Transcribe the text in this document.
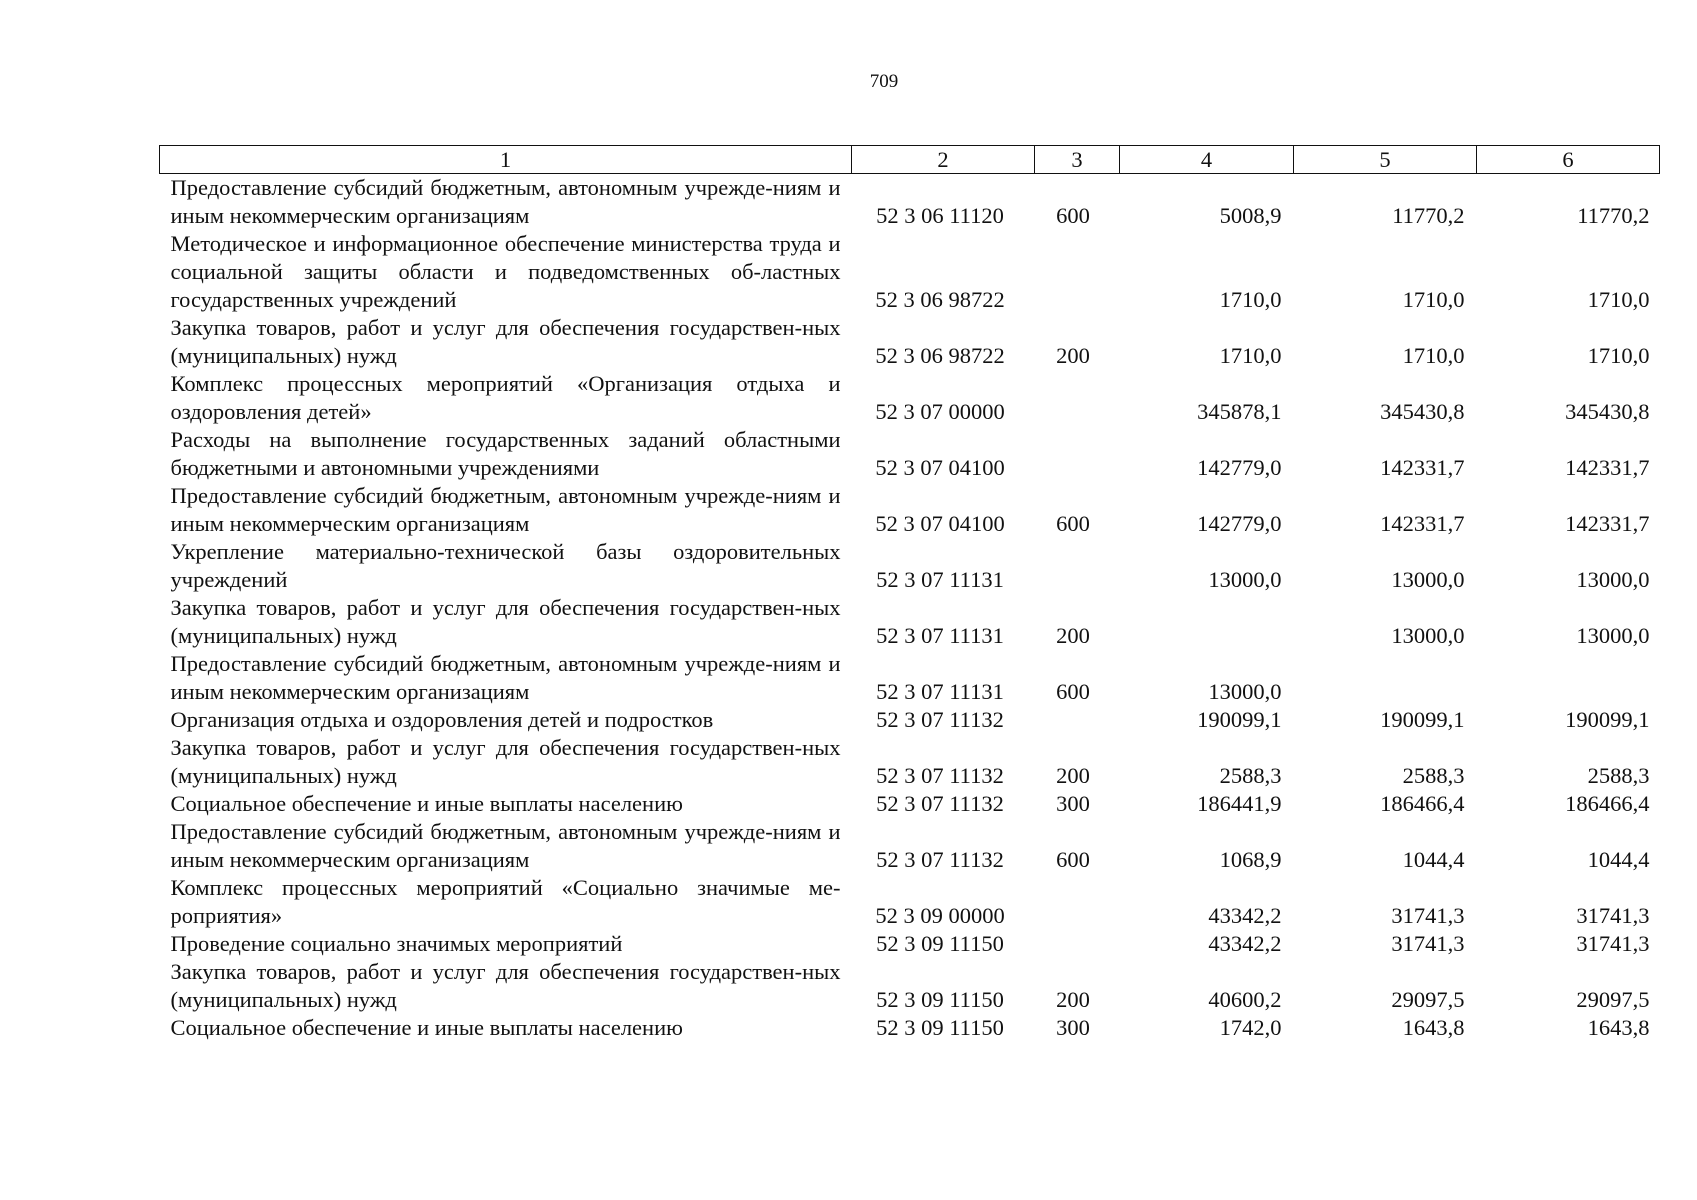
709
1	2	3	4	5	6
Предоставление субсидий бюджетным, автономным учрежде-ниям и иным некоммерческим организациям	52 3 06 11120	600	5008,9	11770,2	11770,2
Методическое и информационное обеспечение министерства труда и социальной защиты области и подведомственных об-ластных государственных учреждений	52 3 06 98722		1710,0	1710,0	1710,0
Закупка товаров, работ и услуг для обеспечения государствен-ных (муниципальных) нужд	52 3 06 98722	200	1710,0	1710,0	1710,0
Комплекс процессных мероприятий «Организация отдыха и оздоровления детей»	52 3 07 00000		345878,1	345430,8	345430,8
Расходы на выполнение государственных заданий областными бюджетными и автономными учреждениями	52 3 07 04100		142779,0	142331,7	142331,7
Предоставление субсидий бюджетным, автономным учрежде-ниям и иным некоммерческим организациям	52 3 07 04100	600	142779,0	142331,7	142331,7
Укрепление материально-технической базы оздоровительных учреждений	52 3 07 11131		13000,0	13000,0	13000,0
Закупка товаров, работ и услуг для обеспечения государствен-ных (муниципальных) нужд	52 3 07 11131	200		13000,0	13000,0
Предоставление субсидий бюджетным, автономным учрежде-ниям и иным некоммерческим организациям	52 3 07 11131	600	13000,0		
Организация отдыха и оздоровления детей и подростков	52 3 07 11132		190099,1	190099,1	190099,1
Закупка товаров, работ и услуг для обеспечения государствен-ных (муниципальных) нужд	52 3 07 11132	200	2588,3	2588,3	2588,3
Социальное обеспечение и иные выплаты населению	52 3 07 11132	300	186441,9	186466,4	186466,4
Предоставление субсидий бюджетным, автономным учрежде-ниям и иным некоммерческим организациям	52 3 07 11132	600	1068,9	1044,4	1044,4
Комплекс процессных мероприятий «Социально значимые ме-роприятия»	52 3 09 00000		43342,2	31741,3	31741,3
Проведение социально значимых мероприятий	52 3 09 11150		43342,2	31741,3	31741,3
Закупка товаров, работ и услуг для обеспечения государствен-ных (муниципальных) нужд	52 3 09 11150	200	40600,2	29097,5	29097,5
Социальное обеспечение и иные выплаты населению	52 3 09 11150	300	1742,0	1643,8	1643,8
